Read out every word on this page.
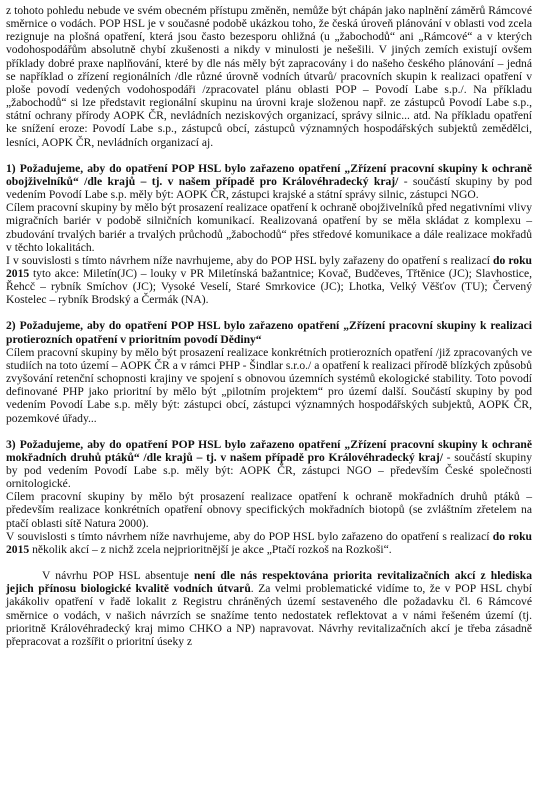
z tohoto pohledu nebude ve svém obecném přístupu změněn, nemůže být chápán jako naplnění záměrů Rámcové směrnice o vodách. POP HSL je v současné podobě ukázkou toho, že česká úroveň plánování v oblasti vod zcela rezignuje na plošná opatření, která jsou často bezesporu ohližná (u „žabochodů“ ani „Rámcové“ a v kterých vodohospodářům absolutně chybí zkušenosti a nikdy v minulosti je nešešili. V jiných zemích existují ovšem příklady dobré praxe naplňování, které by dle nás měly být zapracovány i do našeho českého plánování – jedná se například o zřízení regionálních /dle různé úrovně vodních útvarů/ pracovních skupin k realizaci opatření v ploše povodí vedených vodohospodáři /zpracovatel plánu oblasti POP – Povodí Labe s.p./. Na příkladu „žabochodů“ si lze představit regionální skupinu na úrovni kraje složenou např. ze zástupců Povodí Labe s.p., státní ochrany přírody AOPK ČR, nevládních neziskových organizací, správy silnic... atd. Na příkladu opatření ke snížení eroze: Povodí Labe s.p., zástupců obcí, zástupců významných hospodářských subjektů zemědělci, lesníci, AOPK ČR, nevládních organizací aj.

1) Požadujeme, aby do opatření POP HSL bylo zařazeno opatření „Zřízení pracovní skupiny k ochraně obojživelníků“ /dle krajů – tj. v našem případě pro Královéhradecký kraj/ - součástí skupiny by pod vedením Povodí Labe s.p. měly být: AOPK ČR, zástupci krajské a státní správy silnic, zástupci NGO.

Cílem pracovní skupiny by mělo být prosazení realizace opatření k ochraně obojživelníků před negativními vlivy migračních bariér v podobě silničních komunikací. Realizovaná opatření by se měla skládat z komplexu – zbudování trvalých bariér a trvalých průchodů „žabochodů“ přes středové komunikace a dále realizace mokřadů v těchto lokalitách.

I v souvislosti s tímto návrhem níže navrhujeme, aby do POP HSL byly zařazeny do opatření s realizací do roku 2015 tyto akce: Miletín(JC) – louky v PR Miletínská bažantnice; Kovač, Budčeves, Třtěnice (JC); Slavhostice, Řehcč – rybník Smíchov (JC); Vysoké Veselí, Staré Smrkovice (JC); Lhotka, Velký Věšťov (TU); Červený Kostelec – rybník Brodský a Čermák (NA).

2) Požadujeme, aby do opatření POP HSL bylo zařazeno opatření „Zřízení pracovní skupiny k realizaci protierozních opatření v prioritním povodí Dědiny“

Cílem pracovní skupiny by mělo být prosazení realizace konkrétních protierozních opatření /již zpracovaných ve studiích na toto území – AOPK ČR a v rámci PHP - Šindlar s.r.o./ a opatření k realizaci přírodě blízkých způsobů zvyšování retenční schopnosti krajiny ve spojení s obnovou územních systémů ekologické stability. Toto povodí definované PHP jako prioritní by mělo být „pilotním projektem“ pro území další. Součástí skupiny by pod vedením Povodí Labe s.p. měly být: zástupci obcí, zástupci významných hospodářských subjektů, AOPK ČR, pozemkové úřady...

3) Požadujeme, aby do opatření POP HSL bylo zařazeno opatření „Zřízení pracovní skupiny k ochraně mokřadních druhů ptáků“ /dle krajů – tj. v našem případě pro Královéhradecký kraj/ - součástí skupiny by pod vedením Povodí Labe s.p. měly být: AOPK ČR, zástupci NGO – především České společnosti ornitologické.

Cílem pracovní skupiny by mělo být prosazení realizace opatření k ochraně mokřadních druhů ptáků – především realizace konkrétních opatření obnovy specifických mokřadních biotopů (se zvláštním zřetelem na ptačí oblasti sítě Natura 2000).

V souvislosti s tímto návrhem níže navrhujeme, aby do POP HSL bylo zařazeno do opatření s realizací do roku 2015 několik akcí – z nichž zcela nejprioritnější je akce „Ptačí rozkoš na Rozkoši“.

V návrhu POP HSL absentuje není dle nás respektována priorita revitalizačních akcí z hlediska jejich přínosu biologické kvalitě vodních útvarů. Za velmi problematické vidíme to, že v POP HSL chybí jakákoliv opatření v řadě lokalit z Registru chráněných území sestaveného dle požadavku čl. 6 Rámcové směrnice o vodách, v našich návrzích se snažíme tento nedostatek reflektovat a v námi řešeném území (tj. prioritně Královéhradecký kraj mimo CHKO a NP) napravovat. Návrhy revitalizačních akcí je třeba zásadně přepracovat a rozšířit o prioritní úseky z
